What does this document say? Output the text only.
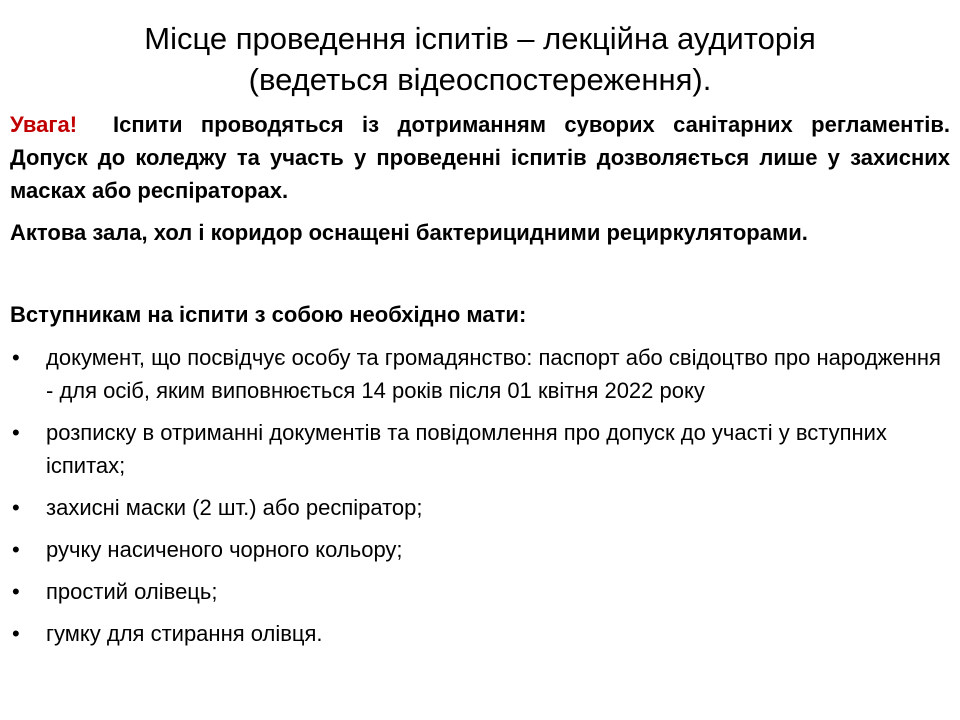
Місце проведення іспитів – лекційна аудиторія
(ведеться відеоспостереження).

Увага! Іспити проводяться із дотриманням суворих санітарних регламентів. Допуск до коледжу та участь у проведенні іспитів дозволяється лише у захисних масках або респіраторах.

Актова зала, хол і коридор оснащені бактерицидними рециркуляторами.

Вступникам на іспити з собою необхідно мати:

• документ, що посвідчує особу та громадянство: паспорт або свідоцтво про народження - для осіб, яким виповнюється 14 років після 01 квітня 2022 року
• розписку в отриманні документів та повідомлення про допуск до участі у вступних іспитах;
• захисні маски (2 шт.) або респіратор;
• ручку насиченого чорного кольору;
• простий олівець;
• гумку для стирання олівця.
